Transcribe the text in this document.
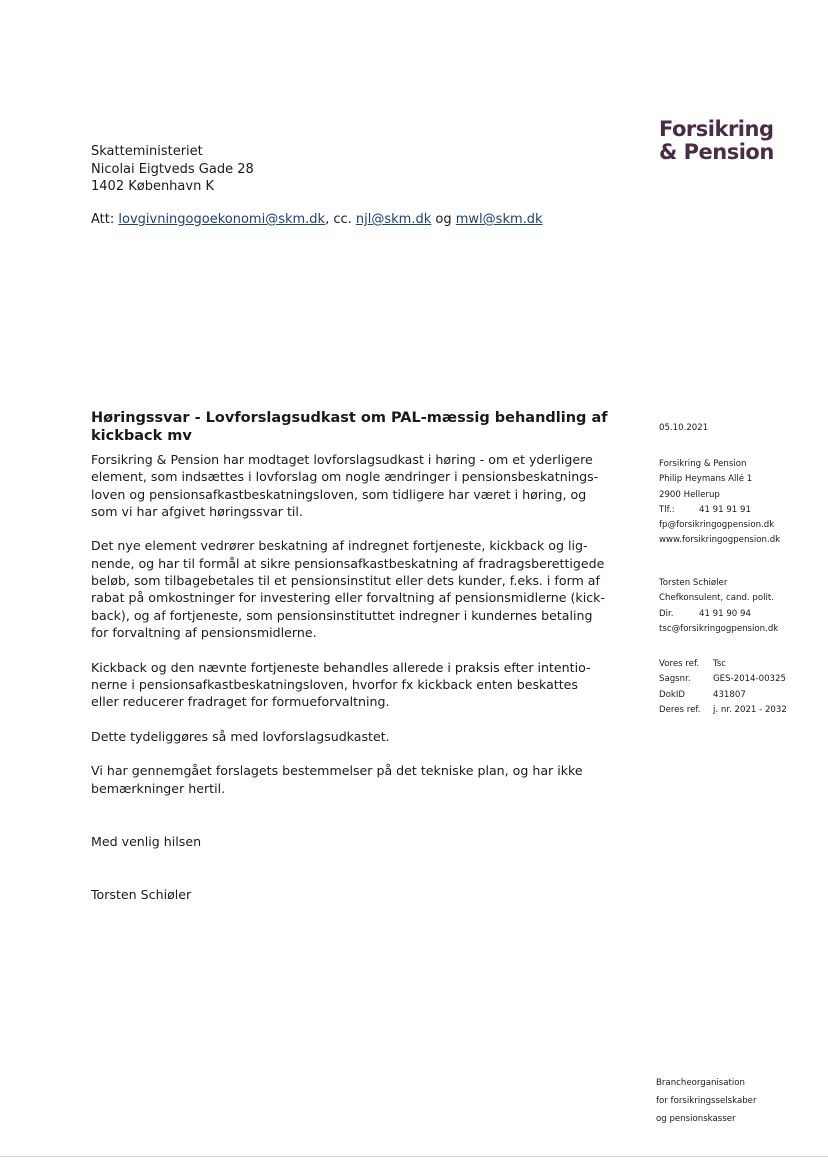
Forsikring
& Pension
Skatteministeriet
Nicolai Eigtveds Gade 28
1402 København K
Att: lovgivningogoekonomi@skm.dk, cc. njl@skm.dk og mwl@skm.dk
Høringssvar - Lovforslagsudkast om PAL-mæssig behandling af kickback mv

Forsikring & Pension har modtaget lovforslagsudkast i høring - om et yderligere element, som indsættes i lovforslag om nogle ændringer i pensionsbeskatnings-loven og pensionsafkastbeskatningsloven, som tidligere har været i høring, og som vi har afgivet høringssvar til.

Det nye element vedrører beskatning af indregnet fortjeneste, kickback og lig-nende, og har til formål at sikre pensionsafkastbeskatning af fradragsberettigede beløb, som tilbagebetales til et pensionsinstitut eller dets kunder, f.eks. i form af rabat på omkostninger for investering eller forvaltning af pensionsmidlerne (kick-back), og af fortjeneste, som pensionsinstituttet indregner i kundernes betaling for forvaltning af pensionsmidlerne.

Kickback og den nævnte fortjeneste behandles allerede i praksis efter intentio-nerne i pensionsafkastbeskatningsloven, hvorfor fx kickback enten beskattes eller reducerer fradraget for formueforvaltning.

Dette tydeliggøres så med lovforslagsudkastet.

Vi har gennemgået forslagets bestemmelser på det tekniske plan, og har ikke bemærkninger hertil.

Med venlig hilsen
Torsten Schiøler
05.10.2021
Forsikring & Pension
Philip Heymans Allé 1
2900 Hellerup
Tlf.:	41 91 91 91
fp@forsikringogpension.dk
www.forsikringogpension.dk
Torsten Schiøler
Chefkonsulent, cand. polit.
Dir.	41 91 90 94
tsc@forsikringogpension.dk
Vores ref.	Tsc
Sagsnr.	GES-2014-00325
DokID	431807
Deres ref.	j. nr. 2021 - 2032
Brancheorganisation
for forsikringsselskaber
og pensionskasser
